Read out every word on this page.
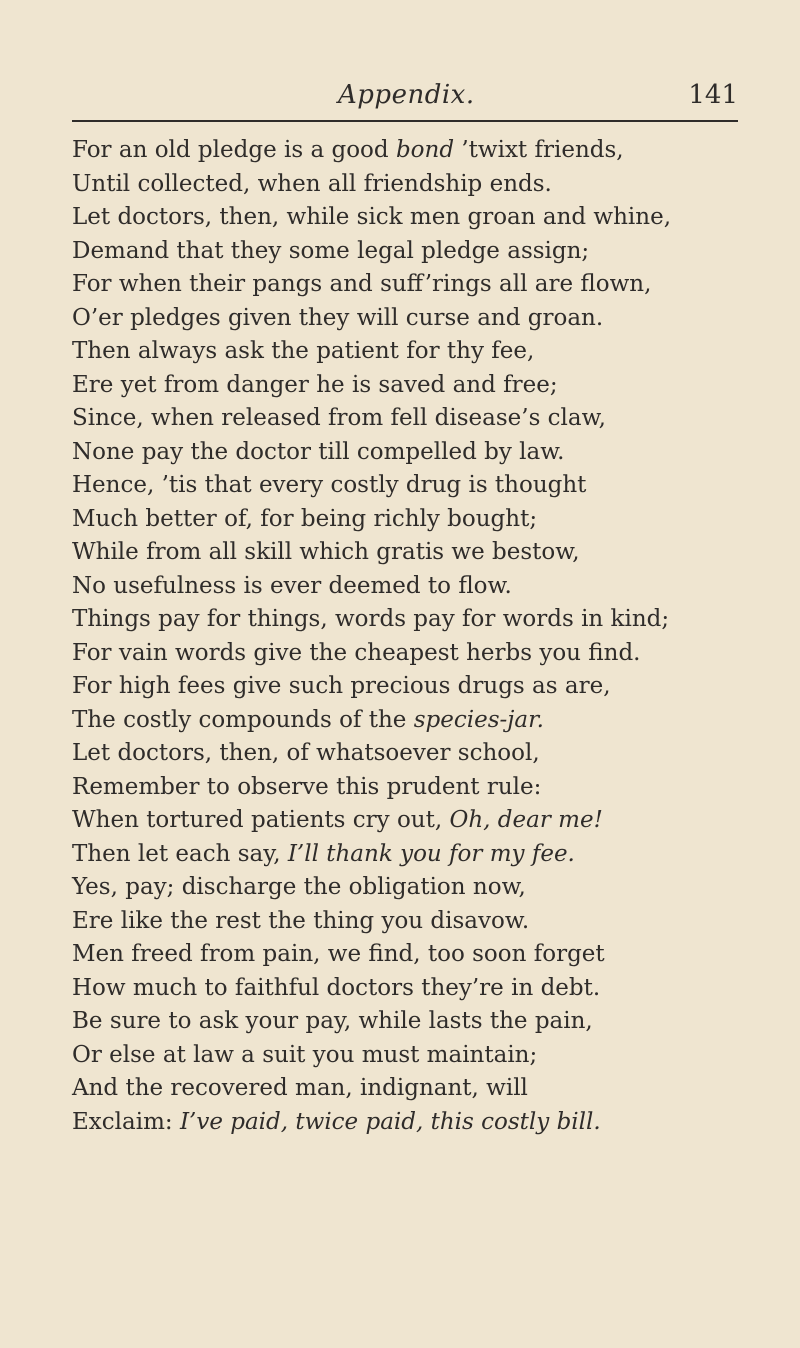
Appendix.	141
For an old pledge is a good bond ’twixt friends,
Until collected, when all friendship ends.
Let doctors, then, while sick men groan and whine,
Demand that they some legal pledge assign;
For when their pangs and suff’rings all are flown,
O’er pledges given they will curse and groan.
Then always ask the patient for thy fee,
Ere yet from danger he is saved and free;
Since, when released from fell disease’s claw,
None pay the doctor till compelled by law.
Hence, ’tis that every costly drug is thought
Much better of, for being richly bought;
While from all skill which gratis we bestow,
No usefulness is ever deemed to flow.
Things pay for things, words pay for words in kind;
For vain words give the cheapest herbs you find.
For high fees give such precious drugs as are,
The costly compounds of the species-jar.
Let doctors, then, of whatsoever school,
Remember to observe this prudent rule:
When tortured patients cry out, Oh, dear me!
Then let each say, I’ll thank you for my fee.
Yes, pay; discharge the obligation now,
Ere like the rest the thing you disavow.
Men freed from pain, we find, too soon forget
How much to faithful doctors they’re in debt.
Be sure to ask your pay, while lasts the pain,
Or else at law a suit you must maintain;
And the recovered man, indignant, will
Exclaim: I’ve paid, twice paid, this costly bill.
